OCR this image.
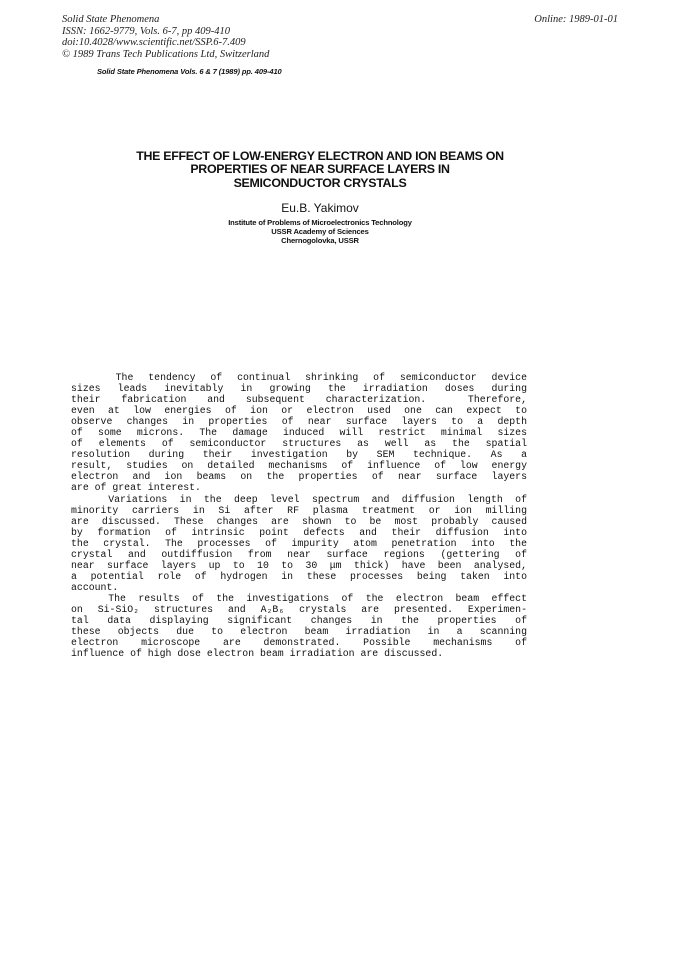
Solid State Phenomena
ISSN: 1662-9779, Vols. 6-7, pp 409-410
doi:10.4028/www.scientific.net/SSP.6-7.409
© 1989 Trans Tech Publications Ltd, Switzerland
Online: 1989-01-01
Solid State Phenomena Vols. 6 & 7 (1989) pp. 409-410
THE EFFECT OF LOW-ENERGY ELECTRON AND ION BEAMS ON
PROPERTIES OF NEAR SURFACE LAYERS IN
SEMICONDUCTOR CRYSTALS
Eu.B. Yakimov
Institute of Problems of Microelectronics Technology
USSR Academy of Sciences
Chernogolovka, USSR
The tendency of continual shrinking of semiconductor device
sizes leads inevitably in growing the irradiation doses during
their fabrication and subsequent characterization.  Therefore,
even at low energies of ion or electron used one can expect to
observe changes in properties of near surface layers to a depth
of some microns. The damage induced will restrict minimal sizes
of elements of semiconductor structures as well as the spatial
resolution during their investigation by SEM technique. As a
result, studies on detailed mechanisms of influence of low energy
electron and ion beams on the properties of near surface layers
are of great interest.
Variations in the deep level spectrum and diffusion length of
minority carriers in Si after RF plasma treatment or ion milling
are discussed. These changes are shown to be most probably caused
by formation of intrinsic point defects and their diffusion into
the crystal. The processes of impurity atom penetration into the
crystal and outdiffusion from near surface regions (gettering of
near surface layers up to 10 to 30 μm thick) have been analysed,
a potential role of hydrogen in these processes being taken into
account.
The results of the investigations of the electron beam effect
on Si-SiO₂ structures and A₂B₆ crystals are presented. Experimen-
tal data displaying significant changes in the properties of
these objects due to electron beam irradiation in a scanning
electron microscope are demonstrated. Possible mechanisms of
influence of high dose electron beam irradiation are discussed.
